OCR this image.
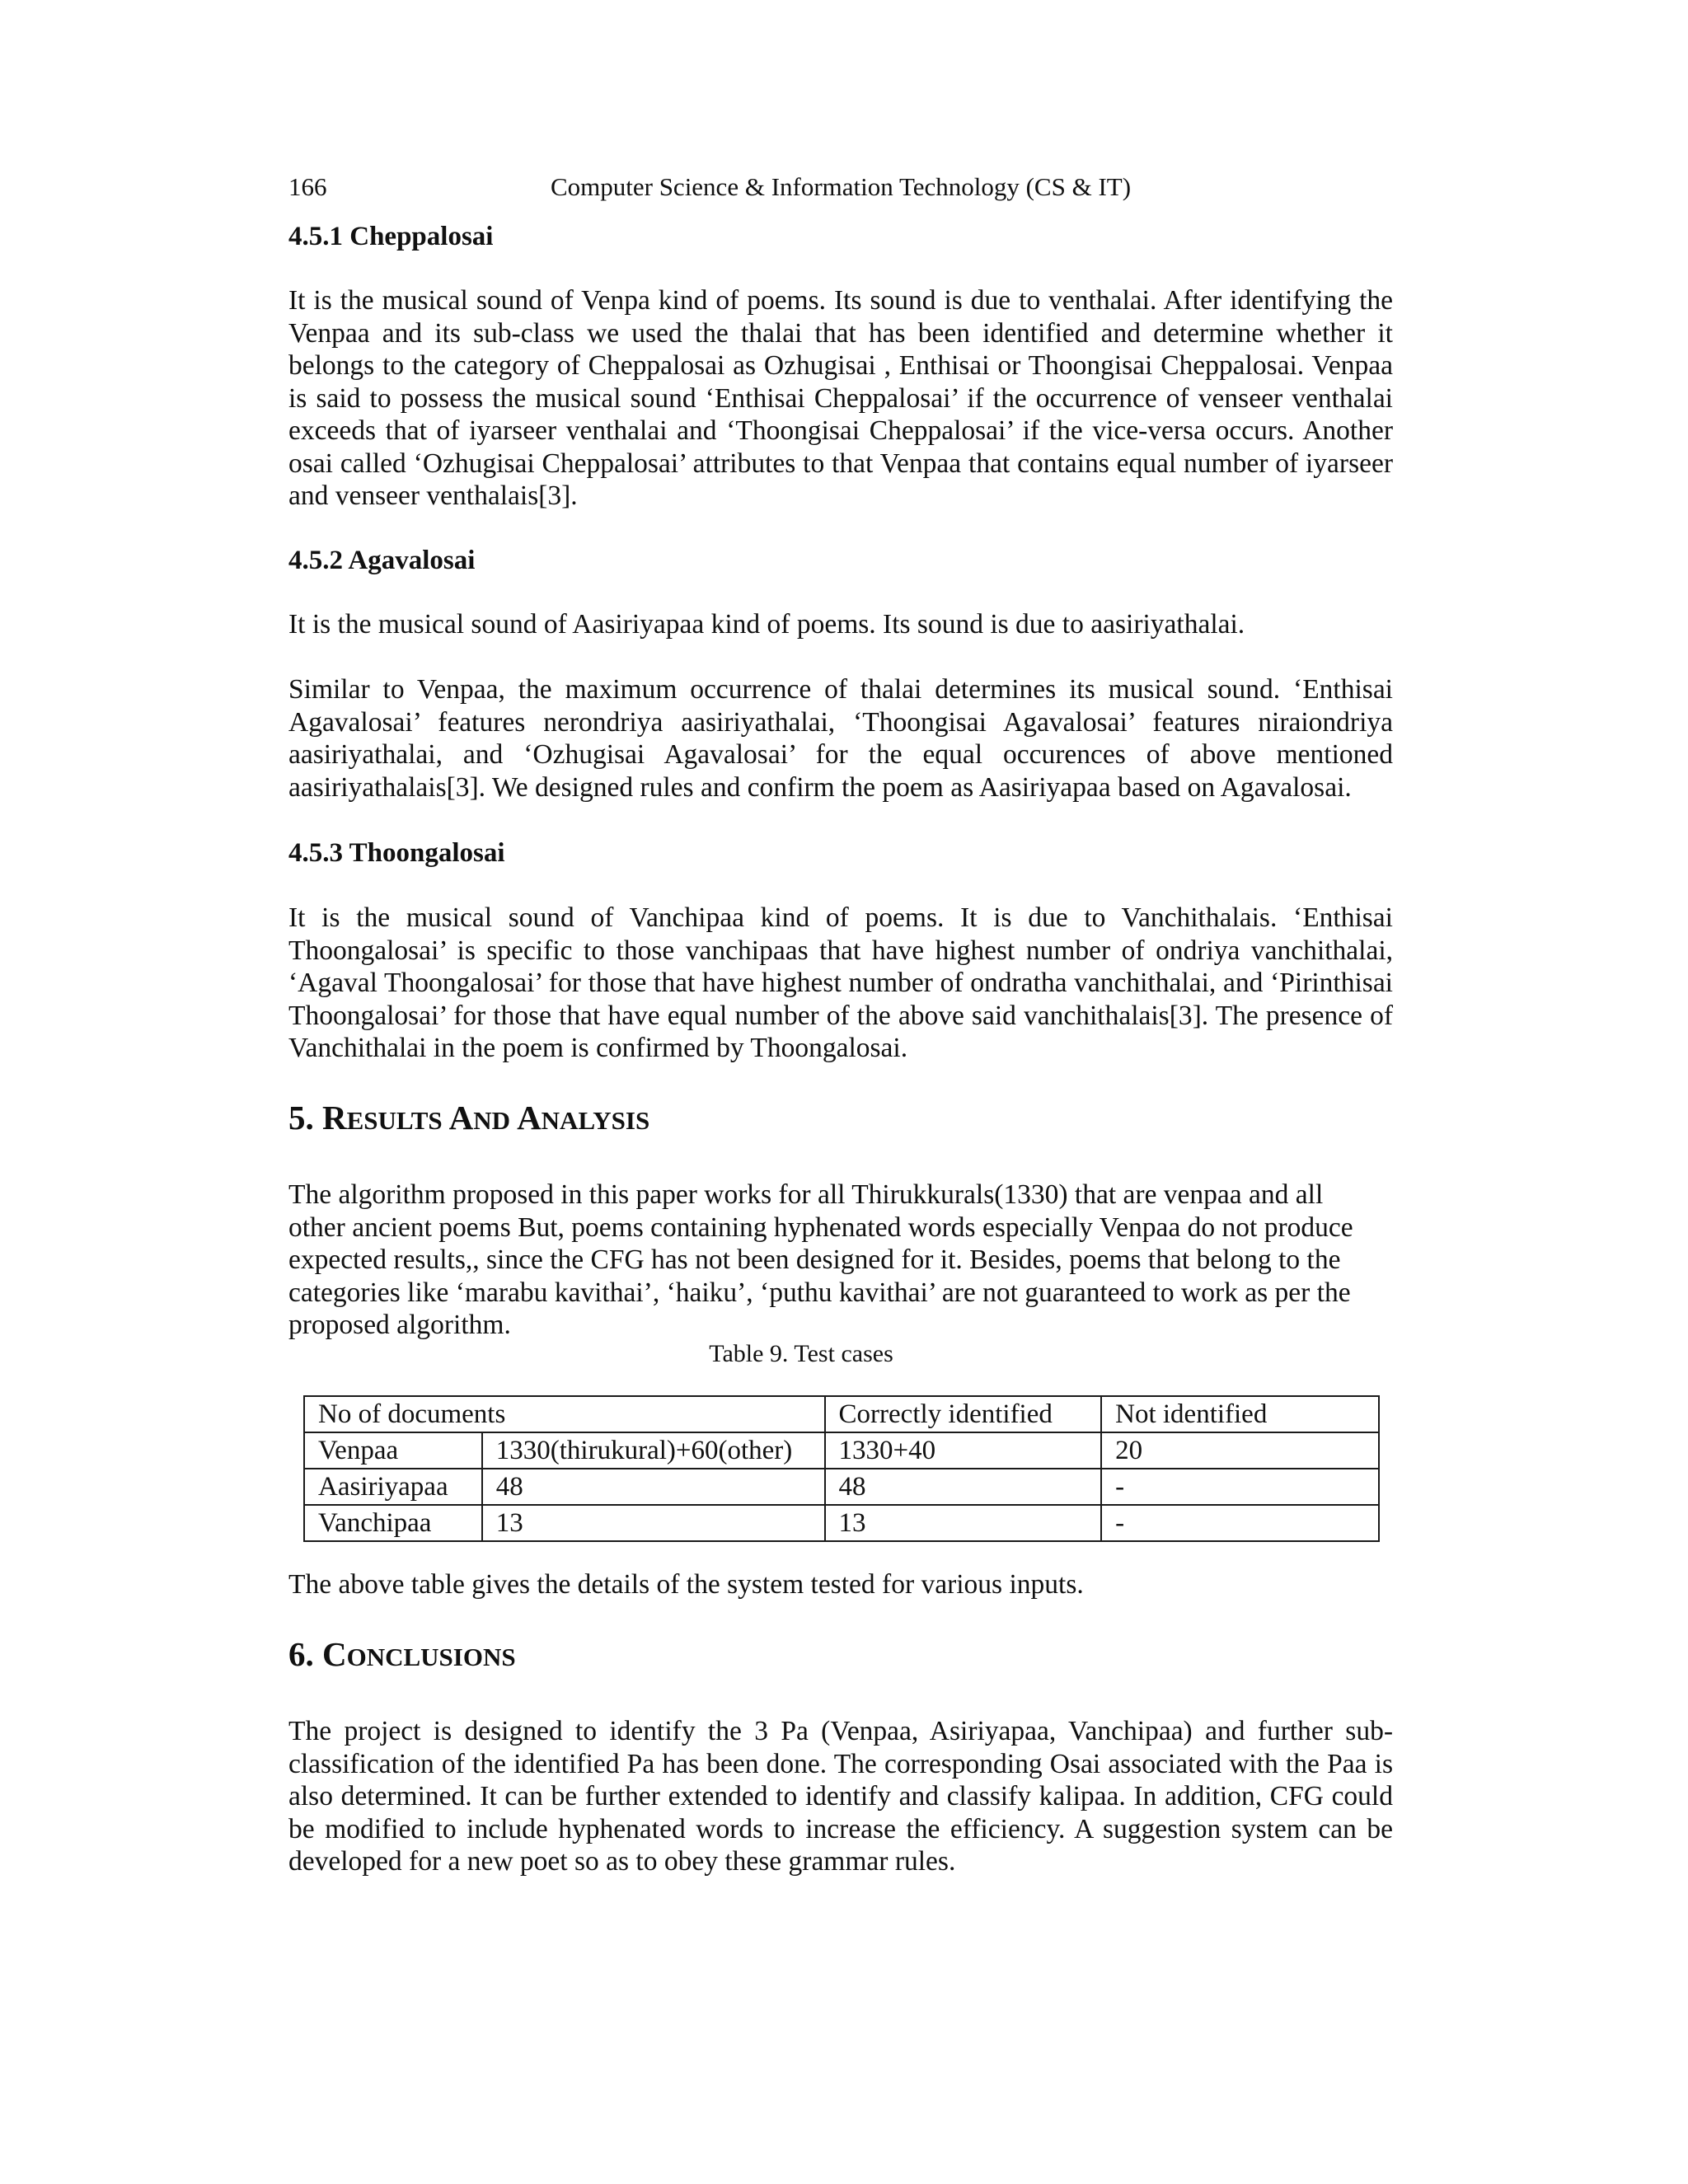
166	Computer Science & Information Technology (CS & IT)
4.5.1 Cheppalosai

It is the musical sound of Venpa kind of poems. Its sound is due to venthalai. After identifying the Venpaa and its sub-class we used the thalai that has been identified and determine whether it belongs to the category of Cheppalosai as Ozhugisai , Enthisai or Thoongisai Cheppalosai. Venpaa is said to possess the musical sound ‘Enthisai Cheppalosai’ if the occurrence of venseer venthalai exceeds that of iyarseer venthalai and ‘Thoongisai Cheppalosai’ if the vice-versa occurs. Another osai called ‘Ozhugisai Cheppalosai’ attributes to that Venpaa that contains equal number of iyarseer and venseer venthalais[3].

4.5.2 Agavalosai

It is the musical sound of Aasiriyapaa kind of poems. Its sound is due to aasiriyathalai.

Similar to Venpaa, the maximum occurrence of thalai determines its musical sound. ‘Enthisai Agavalosai’ features nerondriya aasiriyathalai, ‘Thoongisai Agavalosai’ features niraiondriya aasiriyathalai, and ‘Ozhugisai Agavalosai’ for the equal occurences of above mentioned aasiriyathalais[3]. We designed rules and confirm the poem as Aasiriyapaa based on Agavalosai.

4.5.3 Thoongalosai

It is the musical sound of Vanchipaa kind of poems. It is due to Vanchithalais. ‘Enthisai Thoongalosai’ is specific to those vanchipaas that have highest number of ondriya vanchithalai, ‘Agaval Thoongalosai’ for those that have highest number of ondratha vanchithalai, and ‘Pirinthisai Thoongalosai’ for those that have equal number of the above said vanchithalais[3]. The presence of Vanchithalai in the poem is confirmed by Thoongalosai.

5. RESULTS AND ANALYSIS
The algorithm proposed in this paper works for all Thirukkurals(1330) that are venpaa and all
other ancient poems But, poems containing hyphenated words especially Venpaa do not produce
expected results,, since the CFG has not been designed for it. Besides, poems that belong to the
categories like ‘marabu kavithai’, ‘haiku’, ‘puthu kavithai’ are not guaranteed to work as per the
proposed algorithm.
Table 9. Test cases
No of documents		Correctly identified	Not identified
Venpaa	1330(thirukural)+60(other)	1330+40	20
Aasiriyapaa	48	48	-
Vanchipaa	13	13	-

The above table gives the details of the system tested for various inputs.

6. CONCLUSIONS

The project is designed to identify the 3 Pa (Venpaa, Asiriyapaa, Vanchipaa) and further sub-classification of the identified Pa has been done. The corresponding Osai associated with the Paa is also determined. It can be further extended to identify and classify kalipaa. In addition, CFG could be modified to include hyphenated words to increase the efficiency. A suggestion system can be developed for a new poet so as to obey these grammar rules.
